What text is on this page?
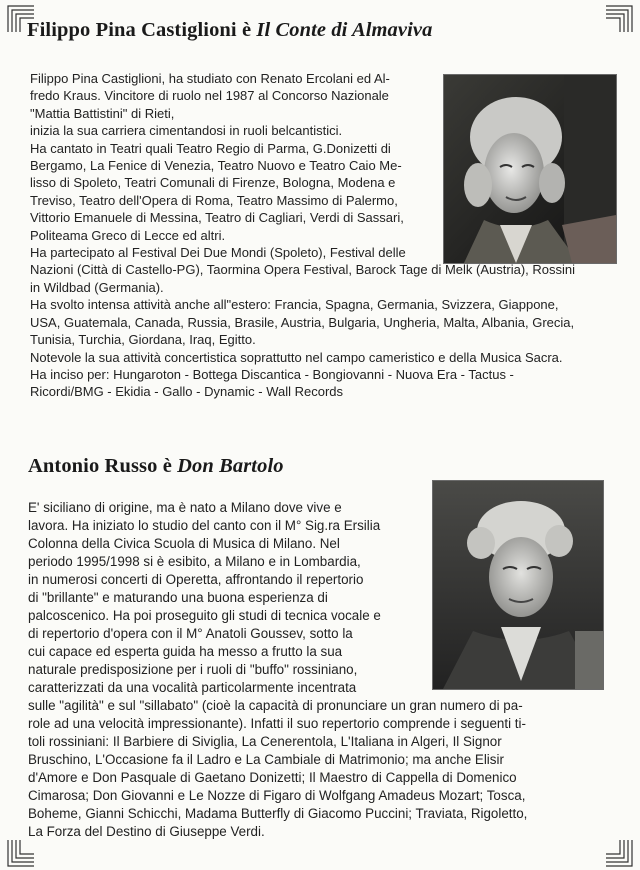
Filippo Pina Castiglioni è Il Conte di Almaviva
Filippo Pina Castiglioni, ha studiato con Renato Ercolani ed Al-
fredo Kraus. Vincitore di ruolo nel 1987 al Concorso Nazionale
"Mattia Battistini" di Rieti,
inizia la sua carriera cimentandosi in ruoli belcantistici.
Ha cantato in Teatri quali Teatro Regio di Parma, G.Donizetti di
Bergamo, La Fenice di Venezia, Teatro Nuovo e Teatro Caio Me-
lisso di Spoleto, Teatri Comunali di Firenze, Bologna, Modena e
Treviso, Teatro dell'Opera di Roma, Teatro Massimo di Palermo,
Vittorio Emanuele di Messina, Teatro di Cagliari, Verdi di Sassari,
Politeama Greco di Lecce ed altri.
Ha partecipato al Festival Dei Due Mondi (Spoleto), Festival delle
Nazioni (Città di Castello-PG), Taormina Opera Festival, Barock Tage di Melk (Austria), Rossini
in Wildbad (Germania).
Ha svolto intensa attività anche all"estero: Francia, Spagna, Germania, Svizzera, Giappone,
USA, Guatemala, Canada, Russia, Brasile, Austria, Bulgaria, Ungheria, Malta, Albania, Grecia,
Tunisia, Turchia, Giordana, Iraq, Egitto.
Notevole la sua attività concertistica soprattutto nel campo cameristico e della Musica Sacra.
Ha inciso per: Hungaroton - Bottega Discantica - Bongiovanni - Nuova Era - Tactus -
Ricordi/BMG - Ekidia - Gallo - Dynamic - Wall Records
Antonio Russo è Don Bartolo
E' siciliano di origine, ma è nato a Milano dove vive e
lavora. Ha iniziato lo studio del canto con il M° Sig.ra Ersilia
Colonna della Civica Scuola di Musica di Milano. Nel
periodo 1995/1998 si è esibito, a Milano e in Lombardia,
in numerosi concerti di Operetta, affrontando il repertorio
di "brillante" e maturando una buona esperienza di
palcoscenico. Ha poi proseguito gli studi di tecnica vocale e
di repertorio d'opera con il M° Anatoli Goussev, sotto la
cui capace ed esperta guida ha messo a frutto la sua
naturale predisposizione per i ruoli di "buffo" rossiniano,
caratterizzati da una vocalità particolarmente incentrata
sulle "agilità" e sul "sillabato" (cioè la capacità di pronunciare un gran numero di pa-
role ad una velocità impressionante). Infatti il suo repertorio comprende i seguenti ti-
toli rossiniani: Il Barbiere di Siviglia, La Cenerentola, L'Italiana in Algeri, Il Signor
Bruschino, L'Occasione fa il Ladro e La Cambiale di Matrimonio; ma anche Elisir
d'Amore e Don Pasquale di Gaetano Donizetti; Il Maestro di Cappella di Domenico
Cimarosa; Don Giovanni e Le Nozze di Figaro di Wolfgang Amadeus Mozart; Tosca,
Boheme, Gianni Schicchi, Madama Butterfly di Giacomo Puccini; Traviata, Rigoletto,
La Forza del Destino di Giuseppe Verdi.
